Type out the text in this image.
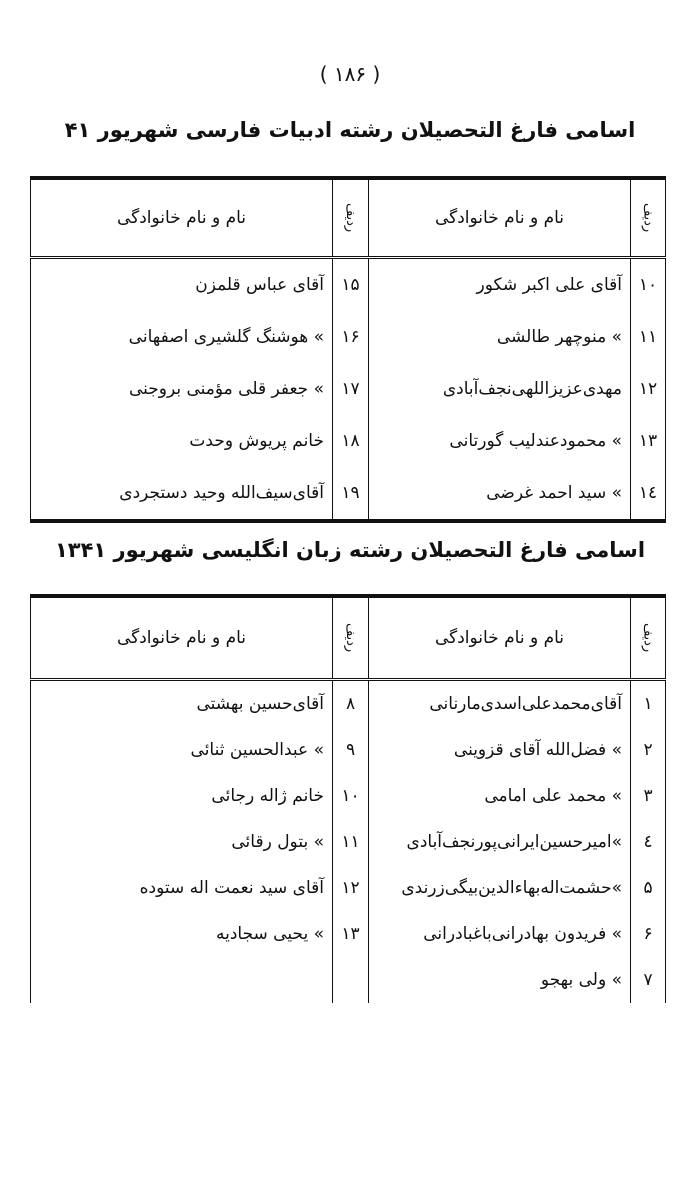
( ۱۸۶ )
اسامی فارغ التحصیلان رشته ادبیات فارسی شهریور ۴۱
ردیف
نام و نام خانوادگی
ردیف
نام و نام خانوادگی
۱۰
آقای علی اکبر شکور
۱۵
آقای عباس قلمزن
۱۱
» منوچهر طالشی
۱۶
» هوشنگ گلشیری اصفهانی
۱۲
مهدی‌عزیزاللهی‌نجف‌آبادی
۱۷
» جعفر قلی مؤمنی بروجنی
۱۳
» محمودعندلیب گورتانی
۱۸
خانم پریوش وحدت
۱٤
» سید احمد غرضی
۱۹
آقای‌سیف‌الله وحید دستجردی
اسامی فارغ التحصیلان رشته زبان انگلیسی شهریور ۱۳۴۱
ردیف
نام و نام خانوادگی
ردیف
نام و نام خانوادگی
۱
آقای‌محمدعلی‌اسدی‌مارنانی
۸
آقای‌حسین بهشتی
۲
» فضل‌الله آقای قزوینی
۹
» عبدالحسین ثنائی
۳
» محمد علی امامی
۱۰
خانم ژاله رجائی
٤
»امیرحسین‌ایرانی‌پورنجف‌آبادی
۱۱
» بتول رقائی
۵
»حشمت‌اله‌بهاءالدین‌بیگی‌زرندی
۱۲
آقای سید نعمت اله ستوده
۶
» فریدون بهادرانی‌باغبادرانی
۱۳
» یحیی سجادیه
۷
» ولی بهجو
